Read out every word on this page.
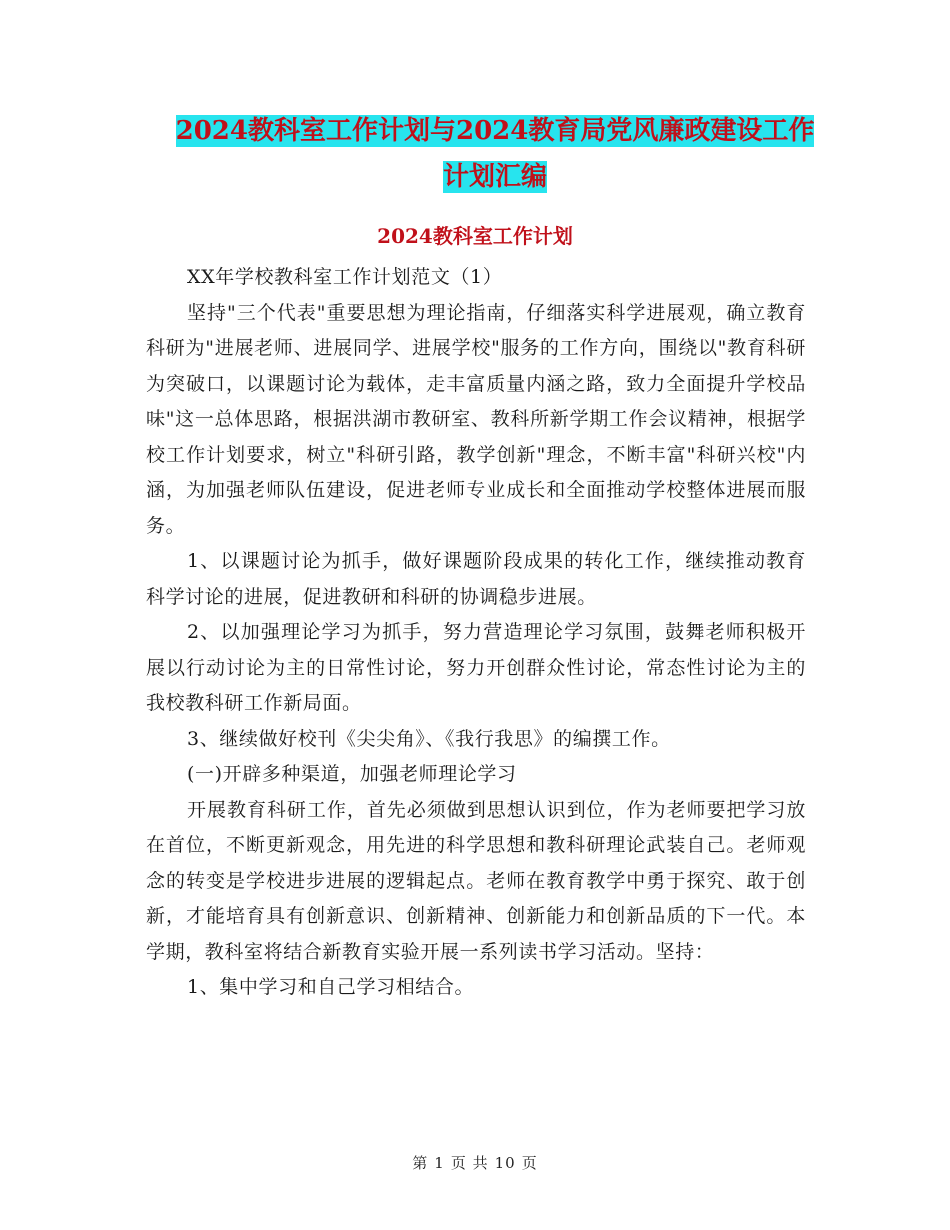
2024教科室工作计划与2024教育局党风廉政建设工作
计划汇编
2024教科室工作计划

XX年学校教科室工作计划范文（1）

坚持"三个代表"重要思想为理论指南，仔细落实科学进展观，确立教育科研为"进展老师、进展同学、进展学校"服务的工作方向，围绕以"教育科研为突破口，以课题讨论为载体，走丰富质量内涵之路，致力全面提升学校品味"这一总体思路，根据洪湖市教研室、教科所新学期工作会议精神，根据学校工作计划要求，树立"科研引路，教学创新"理念，不断丰富"科研兴校"内涵，为加强老师队伍建设，促进老师专业成长和全面推动学校整体进展而服务。

1、以课题讨论为抓手，做好课题阶段成果的转化工作，继续推动教育科学讨论的进展，促进教研和科研的协调稳步进展。

2、以加强理论学习为抓手，努力营造理论学习氛围，鼓舞老师积极开展以行动讨论为主的日常性讨论，努力开创群众性讨论，常态性讨论为主的我校教科研工作新局面。

3、继续做好校刊《尖尖角》、《我行我思》的编撰工作。

(一)开辟多种渠道，加强老师理论学习

开展教育科研工作，首先必须做到思想认识到位，作为老师要把学习放在首位，不断更新观念，用先进的科学思想和教科研理论武装自己。老师观念的转变是学校进步进展的逻辑起点。老师在教育教学中勇于探究、敢于创新，才能培育具有创新意识、创新精神、创新能力和创新品质的下一代。本学期，教科室将结合新教育实验开展一系列读书学习活动。坚持：

1、集中学习和自己学习相结合。

第 1 页 共 10 页
